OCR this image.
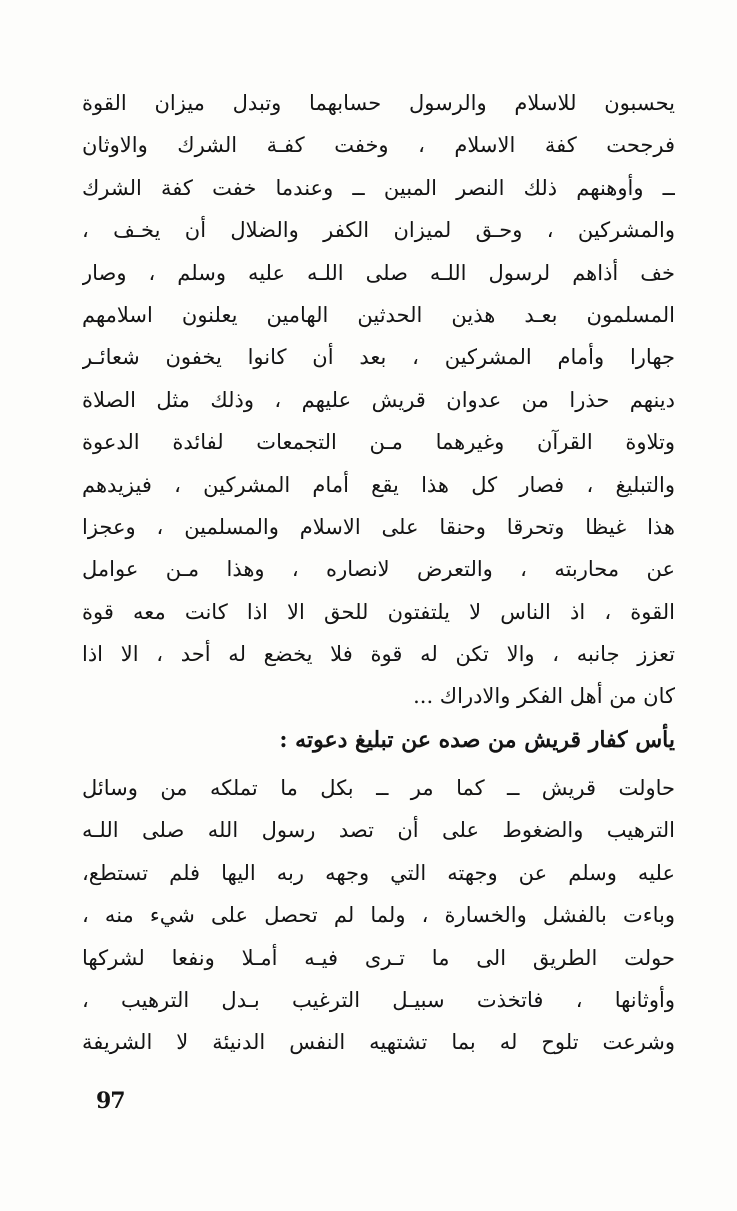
يحسبون للاسلام والرسول حسابهما وتبدل ميزان القوة
فرجحت كفة الاسلام ، وخفت كفـة الشرك والاوثان
ــ وأوهنهم ذلك النصر المبين ــ وعندما خفت كفة الشرك
والمشركين ، وحـق لميزان الكفر والضلال أن يخـف ،
خف أذاهم لرسول اللـه صلى اللـه عليه وسلم ، وصار
المسلمون بعـد هذين الحدثين الهامين يعلنون اسلامهم
جهارا وأمام المشركين ، بعد أن كانوا يخفون شعائـر
دينهم حذرا من عدوان قريش عليهم ، وذلك مثل الصلاة
وتلاوة القرآن وغيرهما مـن التجمعات لفائدة الدعوة
والتبليغ ، فصار كل هذا يقع أمام المشركين ، فيزيدهم
هذا غيظا وتحرقا وحنقا على الاسلام والمسلمين ، وعجزا
عن محاربته ، والتعرض لانصاره ، وهذا مـن عوامل
القوة ، اذ الناس لا يلتفتون للحق الا اذا كانت معه قوة
تعزز جانبه ، والا تكن له قوة فلا يخضع له أحد ، الا اذا
كان من أهل الفكر والادراك ...
يأس كفار قريش من صده عن تبليغ دعوته :
حاولت قريش ــ كما مر ــ بكل ما تملكه من وسائل
الترهيب والضغوط على أن تصد رسول الله صلى اللـه
عليه وسلم عن وجهته التي وجهه ربه اليها فلم تستطع،
وباءت بالفشل والخسارة ، ولما لم تحصل على شيء منه ،
حولت الطريق الى ما تـرى فيـه أمـلا ونفعا لشركها
وأوثانها ، فاتخذت سبيـل الترغيب بـدل الترهيب ،
وشرعت تلوح له بما تشتهيه النفس الدنيئة لا الشريفة
97
